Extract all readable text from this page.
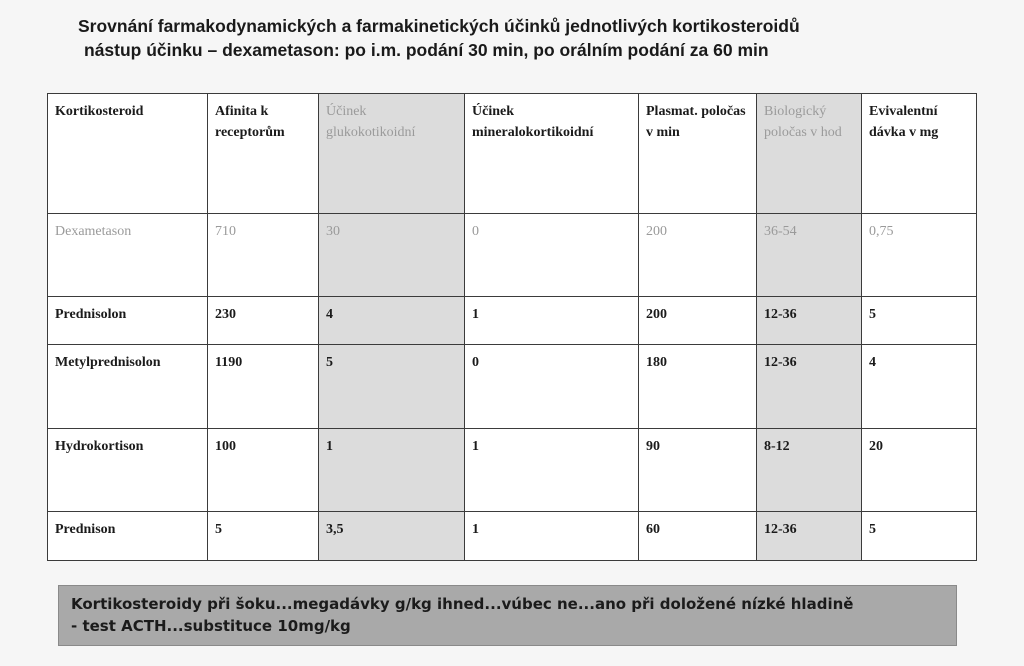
Srovnání farmakodynamických a farmakinetických účinků jednotlivých kortikosteroidů
nástup účinku – dexametason: po i.m. podání 30 min, po orálním podání za 60 min
Kortikosteroid	Afinita k receptorům	Účinek glukokotikoidní	Účinek mineralokortikoidní	Plasmat. poločas v min	Biologický poločas v hod	Evivalentní dávka v mg
Dexametason	710	30	0	200	36-54	0,75
Prednisolon	230	4	1	200	12-36	5
Metylprednisolon	1190	5	0	180	12-36	4
Hydrokortison	100	1	1	90	8-12	20
Prednison	5	3,5	1	60	12-36	5
Kortikosteroidy při šoku...megadávky g/kg ihned...vúbec ne...ano při doložené nízké hladině
- test ACTH...substituce 10mg/kg
